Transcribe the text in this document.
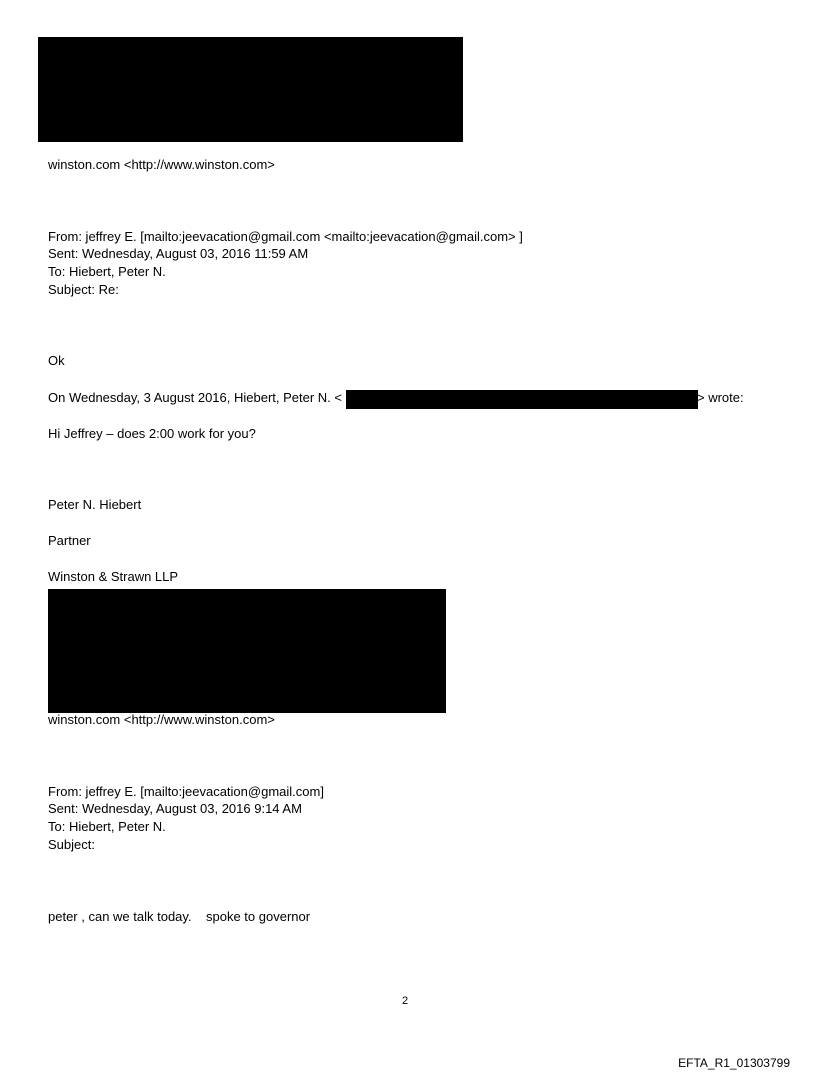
winston.com <http://www.winston.com>
From: jeffrey E. [mailto:jeevacation@gmail.com <mailto:jeevacation@gmail.com> ]
Sent: Wednesday, August 03, 2016 11:59 AM
To: Hiebert, Peter N.
Subject: Re:
Ok
On Wednesday, 3 August 2016, Hiebert, Peter N. <	> wrote:
Hi Jeffrey – does 2:00 work for you?
Peter N. Hiebert
Partner
Winston & Strawn LLP
winston.com <http://www.winston.com>
From: jeffrey E. [mailto:jeevacation@gmail.com]
Sent: Wednesday, August 03, 2016 9:14 AM
To: Hiebert, Peter N.
Subject:
peter , can we talk today.    spoke to governor
2
EFTA_R1_01303799
